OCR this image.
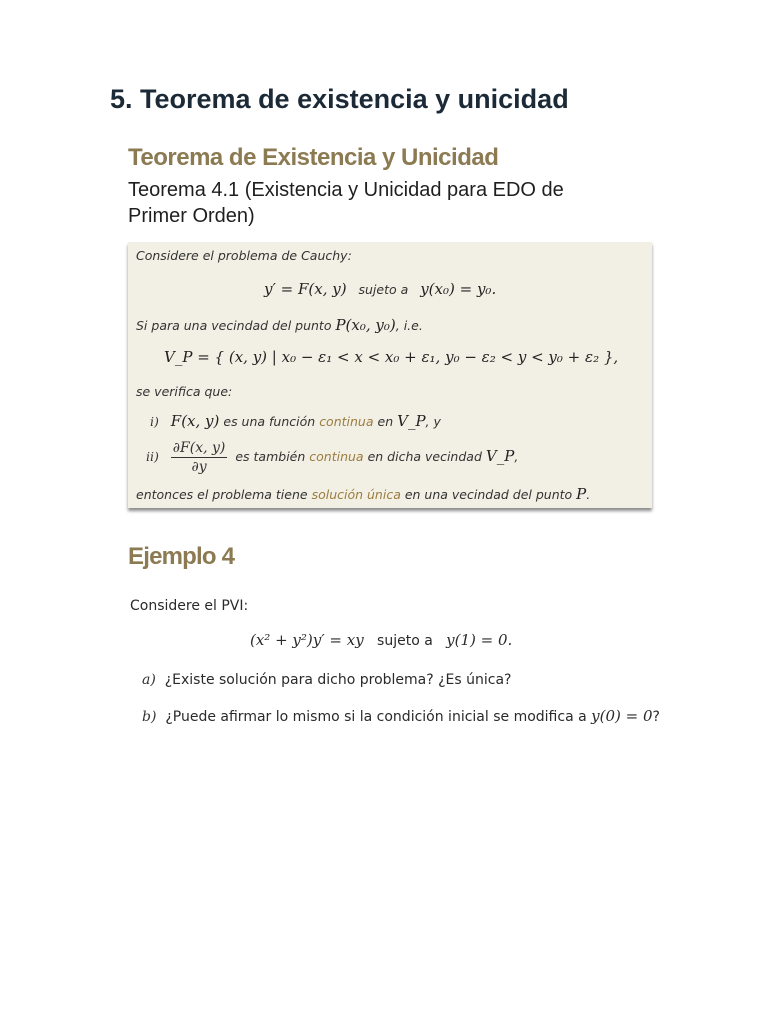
5. Teorema de existencia y unicidad
Teorema de Existencia y Unicidad
Teorema 4.1 (Existencia y Unicidad para EDO de Primer Orden)
Considere el problema de Cauchy:
y′ = F(x, y) sujeto a y(x₀) = y₀.
Si para una vecindad del punto P(x₀, y₀), i.e.
V_P = { (x, y) | x₀ − ε₁ < x < x₀ + ε₁, y₀ − ε₂ < y < y₀ + ε₂ },
se verifica que:
i) F(x, y) es una función continua en V_P, y
$ii) \frac{\partial F(x, y)}{\partial y}$ es también continua en dicha vecindad V_P,
entonces el problema tiene solución única en una vecindad del punto P.
Ejemplo 4
Considere el PVI:
(x² + y²)y′ = xy sujeto a y(1) = 0.
a) ¿Existe solución para dicho problema? ¿Es única?
b) ¿Puede afirmar lo mismo si la condición inicial se modifica a y(0) = 0?
